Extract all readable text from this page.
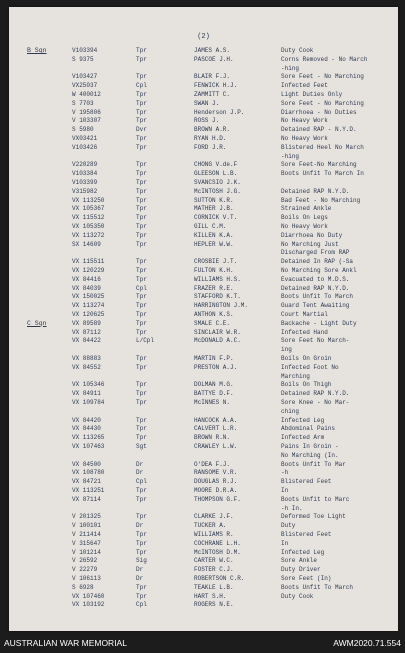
(2)
B Sqn	V103394	Tpr	JAMES A.S.	Duty Cook
S 9375	Tpr	PASCOE J.H.	Corns Removed - No March
-hing
V103427	Tpr	BLAIR F.J.	Sore Feet - No Marching
VX25037	Cpl	FENWICK H.J.	Infected Feet
W 400012	Tpr	ZAMMITT C.	Light Duties Only
S 7703	Tpr	SWAN J.	Sore Feet - No Marching
V 195806	Tpr	Henderson J.P.	Diarrhoea - No Duties
V 103307	Tpr	ROSS J.	No Heavy Work
S 5980	Dvr	BROWN A.R.	Detained RAP - N.Y.D.
VX03421	Tpr	RYAN H.D.	No Heavy Work
V103426	Tpr	FORD J.R.	Blistered Heel No March
-hing
V220289	Tpr	CHONG V.de.F	Sore Feet-No Marching
V103384	Tpr	GLEESON L.B.	Boots Unfit To March In
V103399	Tpr	SVANCSIO J.K.
V315982	Tpr	McINTOSH J.G.	Detained RAP N.Y.D.
VX 113250	Tpr	SUTTON K.R.	Bad Feet - No Marching
VX 105367	Tpr	MATHER J.B.	Strained Ankle
VX 115512	Tpr	CORNICK V.T.	Boils On Legs
VX 105350	Tpr	GILL C.M.	No Heavy Work
VX 113272	Tpr	KILLEN K.A.	Diarrhoea No Duty
SX 14609	Tpr	HEPLER W.W.	No Marching Just
Discharged From RAP
VX 115511	Tpr	CROSBIE J.T.	Detained In RAP (-Sa
VX 120229	Tpr	FULTON K.H.	No Marching Sore Ankl
VX 84416	Tpr	WILLIAMS H.S.	Evacuated to M.D.S.
VX 84039	Cpl	FRAZER R.E.	Detained RAP N.Y.D.
VX 150025	Tpr	STAFFORD K.T.	Boots Unfit To March
VX 113274	Tpr	HARRINGTON J.M.	Guard Tent Awaiting
VX 120625	Tpr	ANTHON K.S.	Court Martial
C Sqn	VX 89589	Tpr	SMALE C.E.	Backache - Light Duty
VX 87112	Tpr	SINCLAIR W.R.	Infected Hand
VX 84422	L/Cpl	McDONALD A.C.	Sore Feet No March-
ing
VX 88883	Tpr	MARTIN F.P.	Boils On Groin
VX 84552	Tpr	PRESTON A.J.	Infected Foot No
Marching
VX 105346	Tpr	DOLMAN M.G.	Boils On Thigh
VX 84911	Tpr	BATTYE D.F.	Detained RAP N.Y.D.
VX 109784	Tpr	McINNES N.	Sore Knee - No Mar-
ching
VX 84420	Tpr	HANCOCK A.A.	Infected Leg
VX 84430	Tpr	CALVERT L.R.	Abdominal Pains
VX 113265	Tpr	BROWN R.N.	Infected Arm
VX 107463	Sgt	CRAWLEY L.W.	Pains In Groin -
No Marching (In.
VX 84500	Dr	O'DEA F.J.	Boots Unfit To Mar
VX 108780	Dr	RANSOME V.R.	-h
VX 84721	Cpl	DOUGLAS R.J.	Blistered Feet
VX 113251	Tpr	MOORE D.R.A.	In
VX 87114	Tpr	THOMPSON G.F.	Boots Unfit to Marc
-h In.
V 201325	Tpr	CLARKE J.F.	Deformed Toe Light
V 100101	Dr	TUCKER A.	Duty
V 211414	Tpr	WILLIAMS R.	Blistered Feet
V 315647	Tpr	COCHRANE L.H.	In
V 101214	Tpr	McINTOSH D.M.	Infected Leg
V 26592	Sig	CARTER W.C.	Sore Ankle
V 22279	Dr	FOSTER C.J.	Duty Driver
V 106113	Dr	ROBERTSON C.R.	Sore Feet (In)
S 6928	Tpr	TEAKLE L.B.	Boots Unfit To March
VX 107460	Tpr	HART S.H.	Duty Cook
VX 103192	Cpl	ROGERS N.E.
AUSTRALIAN WAR MEMORIAL	AWM2020.71.554
